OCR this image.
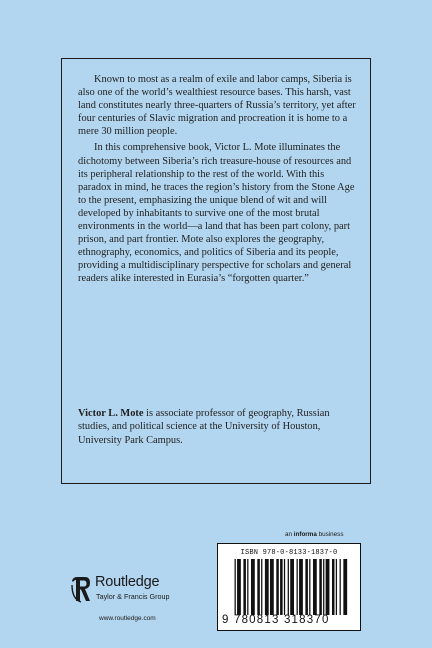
Known to most as a realm of exile and labor camps, Siberia is also one of the world’s wealthiest resource bases. This harsh, vast land constitutes nearly three-quarters of Russia’s territory, yet after four centuries of Slavic migration and procreation it is home to a mere 30 million people.

In this comprehensive book, Victor L. Mote illuminates the dichotomy between Siberia’s rich treasure-house of resources and its peripheral relationship to the rest of the world. With this paradox in mind, he traces the region’s history from the Stone Age to the present, emphasizing the unique blend of wit and will developed by inhabitants to survive one of the most brutal environments in the world—a land that has been part colony, part prison, and part frontier. Mote also explores the geography, ethnography, economics, and politics of Siberia and its people, providing a multidisciplinary perspective for scholars and general readers alike interested in Eurasia’s “forgotten quarter.”

Victor L. Mote is associate professor of geography, Russian studies, and political science at the University of Houston, University Park Campus.

an informa business
Routledge
Taylor & Francis Group
www.routledge.com
ISBN 978-0-8133-1837-0
9 780813 318370
